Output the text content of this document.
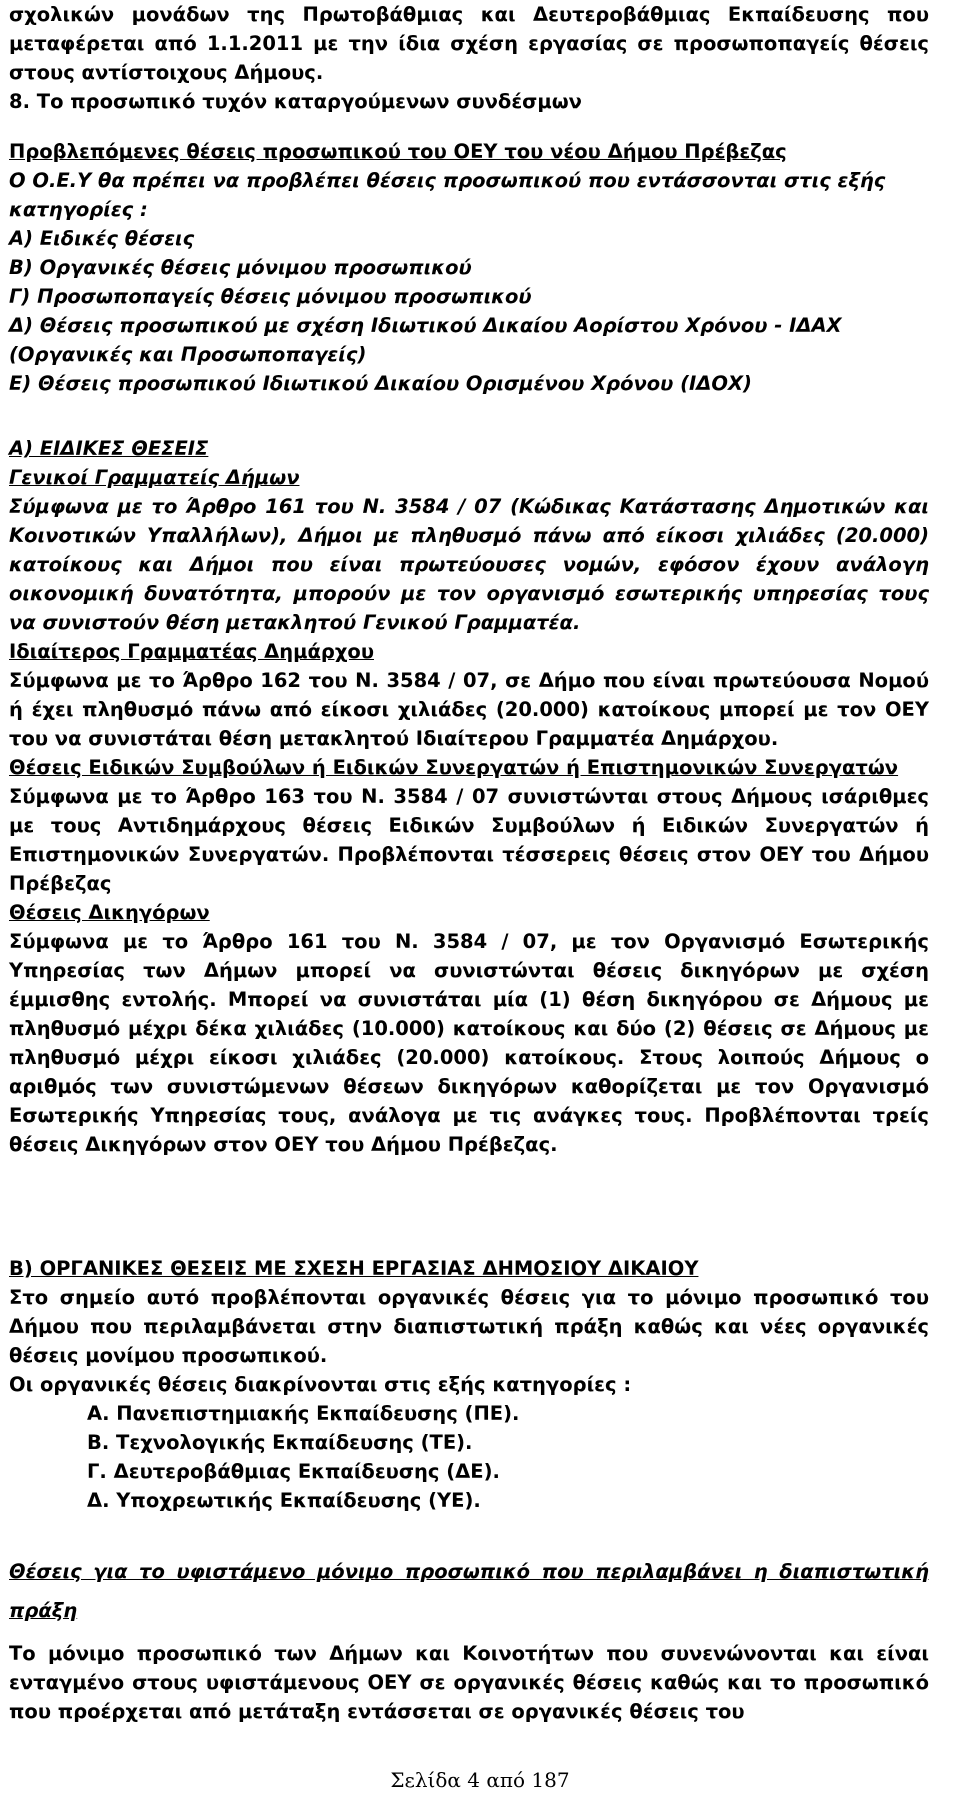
σχολικών μονάδων της Πρωτοβάθμιας και Δευτεροβάθμιας Εκπαίδευσης που μεταφέρεται από 1.1.2011 με την ίδια σχέση εργασίας σε προσωποπαγείς θέσεις στους αντίστοιχους Δήμους.

8. Το προσωπικό τυχόν καταργούμενων συνδέσμων

Προβλεπόμενες θέσεις προσωπικού του ΟΕΥ του νέου Δήμου Πρέβεζας

Ο Ο.Ε.Υ θα πρέπει να προβλέπει θέσεις προσωπικού που εντάσσονται στις εξής κατηγορίες :

Α) Ειδικές θέσεις

Β) Οργανικές θέσεις μόνιμου προσωπικού

Γ) Προσωποπαγείς θέσεις μόνιμου προσωπικού

Δ) Θέσεις προσωπικού με σχέση Ιδιωτικού Δικαίου Αορίστου Χρόνου - ΙΔΑΧ (Οργανικές και Προσωποπαγείς)

Ε) Θέσεις προσωπικού Ιδιωτικού Δικαίου Ορισμένου Χρόνου (ΙΔΟΧ)

Α) ΕΙΔΙΚΕΣ ΘΕΣΕΙΣ

Γενικοί Γραμματείς Δήμων

Σύμφωνα με το Άρθρο 161 του Ν. 3584 / 07 (Κώδικας Κατάστασης Δημοτικών και Κοινοτικών Υπαλλήλων), Δήμοι με πληθυσμό πάνω από είκοσι χιλιάδες (20.000) κατοίκους και Δήμοι που είναι πρωτεύουσες νομών, εφόσον έχουν ανάλογη οικονομική δυνατότητα, μπορούν με τον οργανισμό εσωτερικής υπηρεσίας τους να συνιστούν θέση μετακλητού Γενικού Γραμματέα.

Ιδιαίτερος Γραμματέας Δημάρχου

Σύμφωνα με το Άρθρο 162 του Ν. 3584 / 07, σε Δήμο που είναι πρωτεύουσα Νομού ή έχει πληθυσμό πάνω από είκοσι χιλιάδες (20.000) κατοίκους μπορεί με τον ΟΕΥ του να συνιστάται θέση μετακλητού Ιδιαίτερου Γραμματέα Δημάρχου.

Θέσεις Ειδικών Συμβούλων ή Ειδικών Συνεργατών ή Επιστημονικών Συνεργατών

Σύμφωνα με το Άρθρο 163 του Ν. 3584 / 07 συνιστώνται στους Δήμους ισάριθμες με τους Αντιδημάρχους θέσεις Ειδικών Συμβούλων ή Ειδικών Συνεργατών ή Επιστημονικών Συνεργατών. Προβλέπονται τέσσερεις θέσεις στον ΟΕΥ του Δήμου Πρέβεζας

Θέσεις Δικηγόρων

Σύμφωνα με το Άρθρο 161 του Ν. 3584 / 07, με τον Οργανισμό Εσωτερικής Υπηρεσίας των Δήμων μπορεί να συνιστώνται θέσεις δικηγόρων με σχέση έμμισθης εντολής. Μπορεί να συνιστάται μία (1) θέση δικηγόρου σε Δήμους με πληθυσμό μέχρι δέκα χιλιάδες (10.000) κατοίκους και δύο (2) θέσεις σε Δήμους με πληθυσμό μέχρι είκοσι χιλιάδες (20.000) κατοίκους. Στους λοιπούς Δήμους ο αριθμός των συνιστώμενων θέσεων δικηγόρων καθορίζεται με τον Οργανισμό Εσωτερικής Υπηρεσίας τους, ανάλογα με τις ανάγκες τους. Προβλέπονται τρείς θέσεις Δικηγόρων στον ΟΕΥ του Δήμου Πρέβεζας.

Β) ΟΡΓΑΝΙΚΕΣ ΘΕΣΕΙΣ ΜΕ ΣΧΕΣΗ ΕΡΓΑΣΙΑΣ ΔΗΜΟΣΙΟΥ ΔΙΚΑΙΟΥ

Στο σημείο αυτό προβλέπονται οργανικές θέσεις για το μόνιμο προσωπικό του Δήμου που περιλαμβάνεται στην διαπιστωτική πράξη καθώς και νέες οργανικές θέσεις μονίμου προσωπικού.

Οι οργανικές θέσεις διακρίνονται στις εξής κατηγορίες :

Α. Πανεπιστημιακής Εκπαίδευσης (ΠΕ).

Β. Τεχνολογικής Εκπαίδευσης (ΤΕ).

Γ. Δευτεροβάθμιας Εκπαίδευσης (ΔΕ).

Δ. Υποχρεωτικής Εκπαίδευσης (ΥΕ).

Θέσεις για το υφιστάμενο μόνιμο προσωπικό που περιλαμβάνει η διαπιστωτική πράξη

Το μόνιμο προσωπικό των Δήμων και Κοινοτήτων που συνενώνονται και είναι ενταγμένο στους υφιστάμενους ΟΕΥ σε οργανικές θέσεις καθώς και το προσωπικό που προέρχεται από μετάταξη εντάσσεται σε οργανικές θέσεις του

Σελίδα 4 από 187
